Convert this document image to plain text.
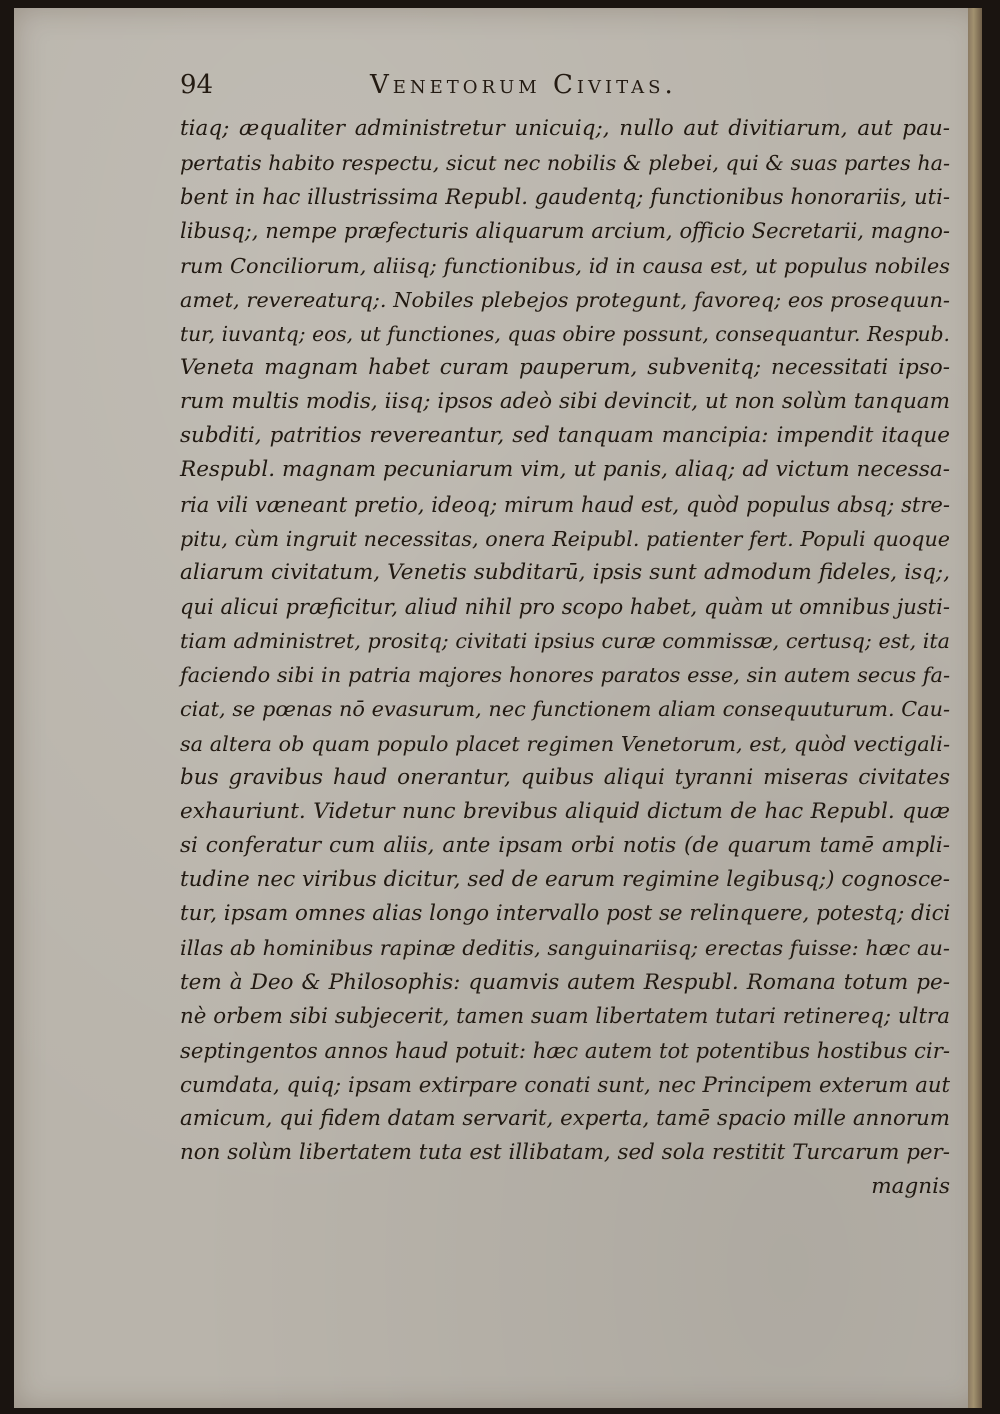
94	Venetorum Civitas.
tiaq; æqualiter administretur unicuiq;, nullo aut divitiarum, aut pau-
pertatis habito respectu, sicut nec nobilis & plebei, qui & suas partes ha-
bent in hac illustrissima Republ. gaudentq; functionibus honorariis, uti-
libusq;, nempe præfecturis aliquarum arcium, officio Secretarii, magno-
rum Conciliorum, aliisq; functionibus, id in causa est, ut populus nobiles
amet, revereaturq;. Nobiles plebejos protegunt, favoreq; eos prosequun-
tur, iuvantq; eos, ut functiones, quas obire possunt, consequantur. Respub.
Veneta magnam habet curam pauperum, subvenitq; necessitati ipso-
rum multis modis, iisq; ipsos adeò sibi devincit, ut non solùm tanquam
subditi, patritios revereantur, sed tanquam mancipia: impendit itaque
Respubl. magnam pecuniarum vim, ut panis, aliaq; ad victum necessa-
ria vili væneant pretio, ideoq; mirum haud est, quòd populus absq; stre-
pitu, cùm ingruit necessitas, onera Reipubl. patienter fert. Populi quoque
aliarum civitatum, Venetis subditarū, ipsis sunt admodum fideles, isq;,
qui alicui præficitur, aliud nihil pro scopo habet, quàm ut omnibus justi-
tiam administret, prositq; civitati ipsius curæ commissæ, certusq; est, ita
faciendo sibi in patria majores honores paratos esse, sin autem secus fa-
ciat, se pœnas nō evasurum, nec functionem aliam consequuturum. Cau-
sa altera ob quam populo placet regimen Venetorum, est, quòd vectigali-
bus gravibus haud onerantur, quibus aliqui tyranni miseras civitates
exhauriunt. Videtur nunc brevibus aliquid dictum de hac Republ. quæ
si conferatur cum aliis, ante ipsam orbi notis (de quarum tamē ampli-
tudine nec viribus dicitur, sed de earum regimine legibusq;) cognosce-
tur, ipsam omnes alias longo intervallo post se relinquere, potestq; dici
illas ab hominibus rapinæ deditis, sanguinariisq; erectas fuisse: hæc au-
tem à Deo & Philosophis: quamvis autem Respubl. Romana totum pe-
nè orbem sibi subjecerit, tamen suam libertatem tutari retinereq; ultra
septingentos annos haud potuit: hæc autem tot potentibus hostibus cir-
cumdata, quiq; ipsam extirpare conati sunt, nec Principem exterum aut
amicum, qui fidem datam servarit, experta, tamē spacio mille annorum
non solùm libertatem tuta est illibatam, sed sola restitit Turcarum per-
magnis
